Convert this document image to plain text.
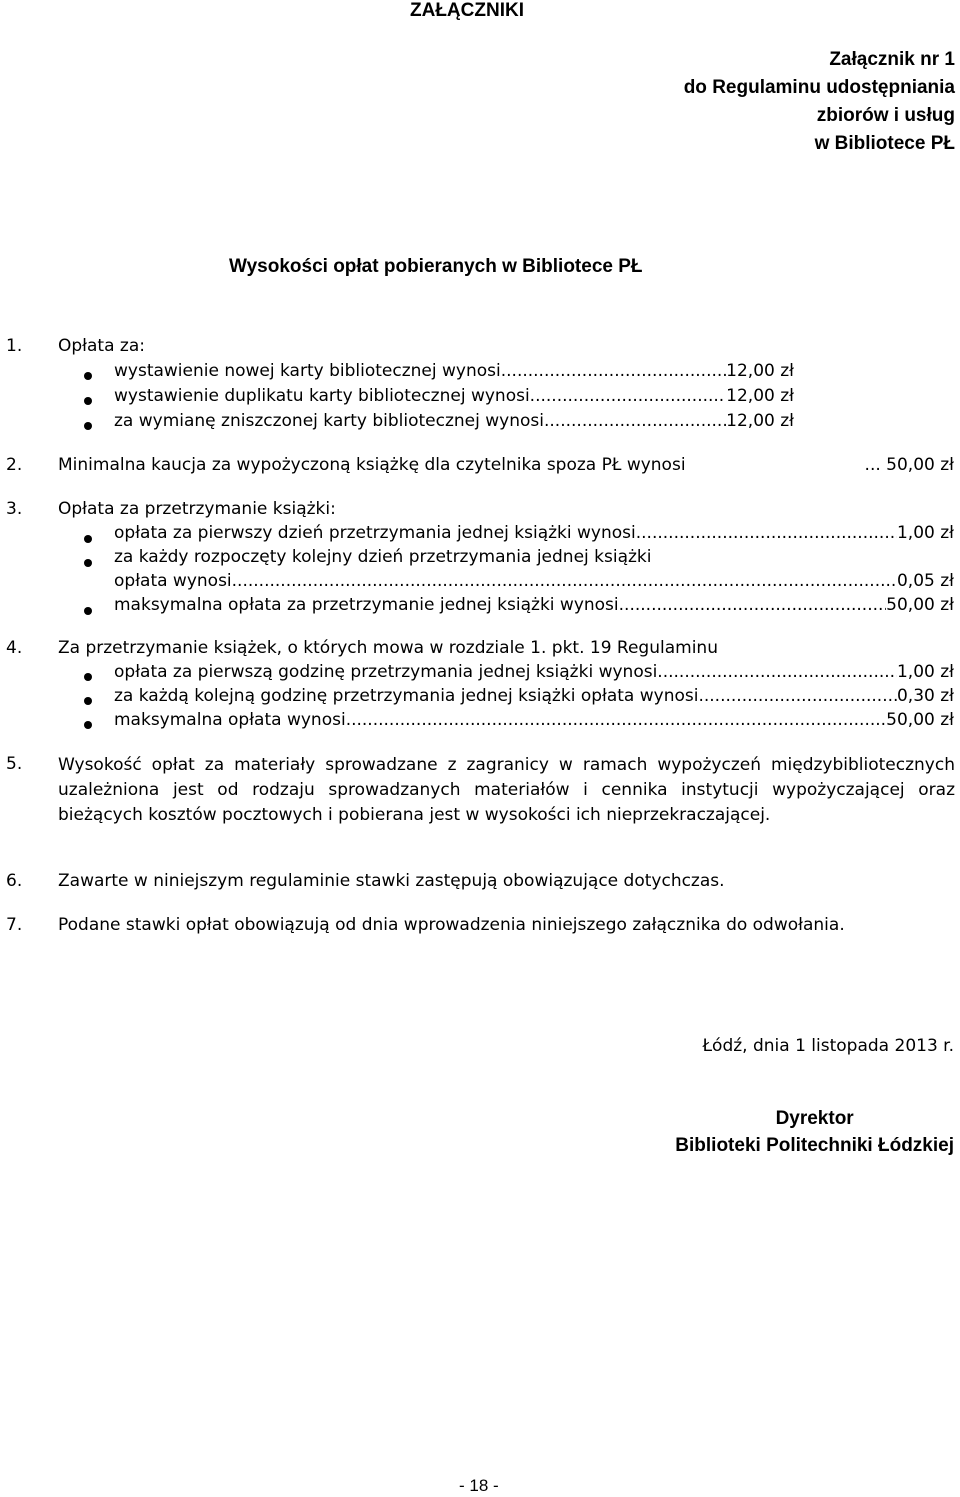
ZAŁĄCZNIKI
Załącznik nr 1
do Regulaminu udostępniania
zbiorów i usług
w Bibliotece PŁ
Wysokości opłat pobieranych w Bibliotece PŁ
1. Opłata za:
wystawienie nowej karty bibliotecznej wynosi .....	12,00 zł
wystawienie duplikatu karty bibliotecznej wynosi .....	12,00 zł
za wymianę zniszczonej karty bibliotecznej wynosi .....	12,00 zł
2. Minimalna kaucja za wypożyczoną książkę dla czytelnika spoza PŁ wynosi	... 50,00 zł
3. Opłata za przetrzymanie książki:
opłata za pierwszy dzień przetrzymania jednej książki wynosi .....	1,00 zł
za każdy rozpoczęty kolejny dzień przetrzymania jednej książki
opłata wynosi .....	0,05 zł
maksymalna opłata za przetrzymanie jednej książki wynosi .....	50,00 zł
4. Za przetrzymanie książek, o których mowa w rozdziale 1. pkt. 19 Regulaminu
opłata za pierwszą godzinę przetrzymania jednej książki wynosi .....	1,00 zł
za każdą kolejną godzinę przetrzymania jednej książki opłata wynosi .....	0,30 zł
maksymalna opłata wynosi .....	50,00 zł
5. Wysokość opłat za materiały sprowadzane z zagranicy w ramach wypożyczeń międzybibliotecznych uzależniona jest od rodzaju sprowadzanych materiałów i cennika instytucji wypożyczającej oraz bieżących kosztów pocztowych i pobierana jest w wysokości ich nieprzekraczającej.
6. Zawarte w niniejszym regulaminie stawki zastępują obowiązujące dotychczas.
7. Podane stawki opłat obowiązują od dnia wprowadzenia niniejszego załącznika do odwołania.
Łódź, dnia 1 listopada 2013 r.
Dyrektor
Biblioteki Politechniki Łódzkiej
- 18 -
